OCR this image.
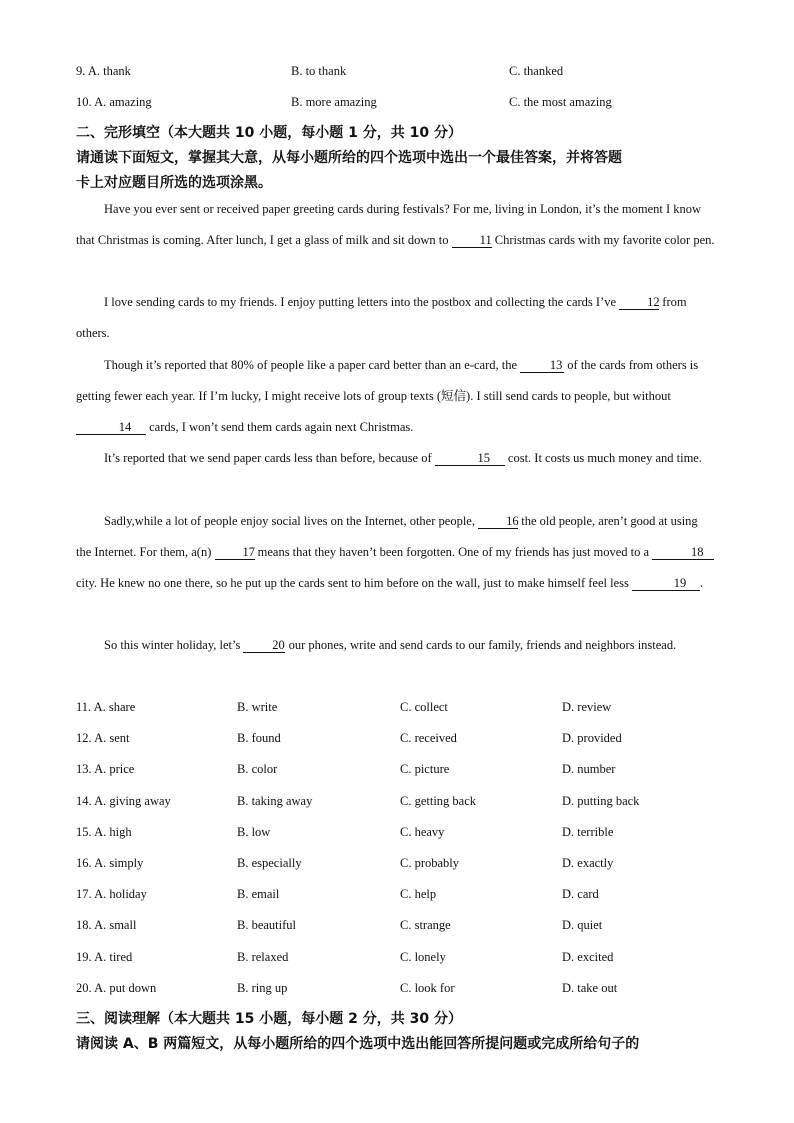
9. A. thank	B. to thank	C. thanked
10. A. amazing	B. more amazing	C. the most amazing
二、完形填空（本大题共 10 小题，每小题 1 分，共 10 分）
请通读下面短文，掌握其大意，从每小题所给的四个选项中选出一个最佳答案，并将答题
卡上对应题目所选的选项涂黑。
Have you ever sent or received paper greeting cards during festivals? For me, living in London, it’s the moment I know that Christmas is coming. After lunch, I get a glass of milk and sit down to 11 Christmas cards with my favorite color pen.
I love sending cards to my friends. I enjoy putting letters into the postbox and collecting the cards I’ve 12 from others.
Though it’s reported that 80% of people like a paper card better than an e-card, the 13 of the cards from others is getting fewer each year. If I’m lucky, I might receive lots of group texts (短信). I still send cards to people, but without 14 cards, I won’t send them cards again next Christmas.
It’s reported that we send paper cards less than before, because of	15 cost. It costs us much money and time.
Sadly,while a lot of people enjoy social lives on the Internet, other people, 16 the old people, aren’t good at using the Internet. For them, a(n) 17 means that they haven’t been forgotten. One of my friends has just moved to a	18 city. He knew no one there, so he put up the cards sent to him before on the wall, just to make himself feel less	19 .
So this winter holiday, let’s 20 our phones, write and send cards to our family, friends and neighbors instead.
11. A. share	B. write	C. collect	D. review
12. A. sent	B. found	C. received	D. provided
13. A. price	B. color	C. picture	D. number
14. A. giving away	B. taking away	C. getting back	D. putting back
15. A. high	B. low	C. heavy	D. terrible
16. A. simply	B. especially	C. probably	D. exactly
17. A. holiday	B. email	C. help	D. card
18. A. small	B. beautiful	C. strange	D. quiet
19. A. tired	B. relaxed	C. lonely	D. excited
20. A. put down	B. ring up	C. look for	D. take out
三、阅读理解（本大题共 15 小题，每小题 2 分，共 30 分）
请阅读 A、B 两篇短文，从每小题所给的四个选项中选出能回答所提问题或完成所给句子的
